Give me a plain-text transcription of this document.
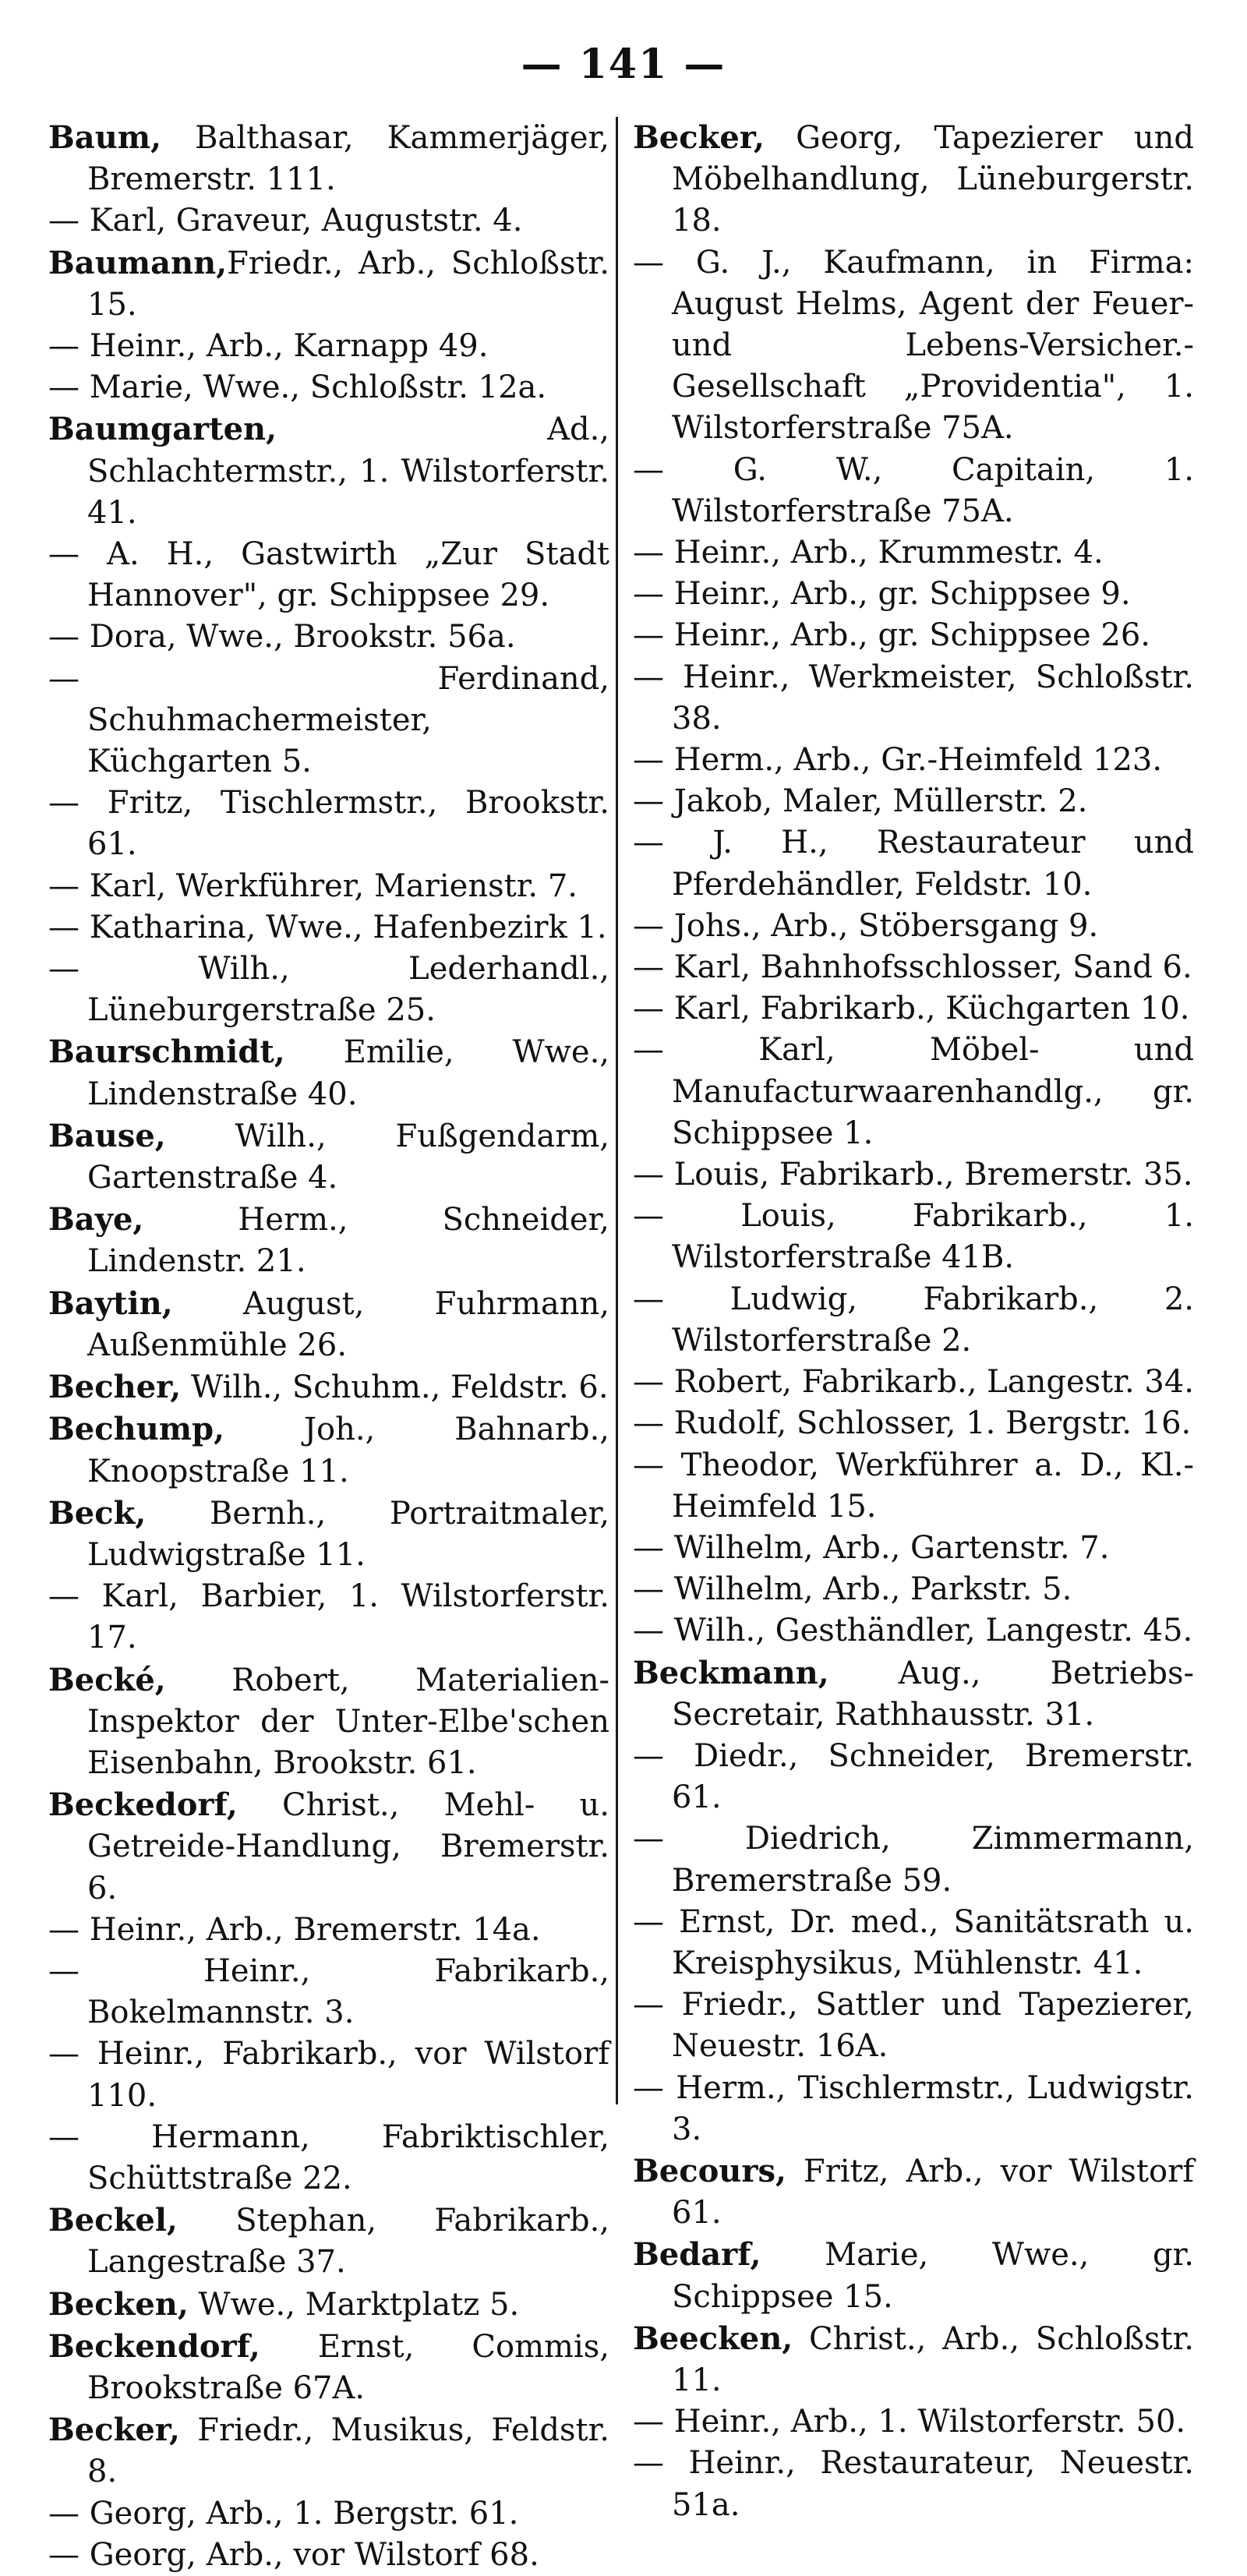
— 141 —

Baum, Balthasar, Kammerjäger, Bremerstr. 111.

— Karl, Graveur, Auguststr. 4.

Baumann,Friedr., Arb., Schloßstr. 15.

— Heinr., Arb., Karnapp 49.

— Marie, Wwe., Schloßstr. 12a.

Baumgarten, Ad., Schlachtermstr., 1. Wilstorferstr. 41.

— A. H., Gastwirth „Zur Stadt Hannover", gr. Schippsee 29.

— Dora, Wwe., Brookstr. 56a.

— Ferdinand, Schuhmachermeister, Küchgarten 5.

— Fritz, Tischlermstr., Brookstr. 61.

— Karl, Werkführer, Marienstr. 7.

— Katharina, Wwe., Hafenbezirk 1.

— Wilh., Lederhandl., Lüneburgerstraße 25.

Baurschmidt, Emilie, Wwe., Lindenstraße 40.

Bause, Wilh., Fußgendarm, Gartenstraße 4.

Baye, Herm., Schneider, Lindenstr. 21.

Baytin, August, Fuhrmann, Außenmühle 26.

Becher, Wilh., Schuhm., Feldstr. 6.

Bechump, Joh., Bahnarb., Knoopstraße 11.

Beck, Bernh., Portraitmaler, Ludwigstraße 11.

— Karl, Barbier, 1. Wilstorferstr. 17.

Becké, Robert, Materialien-Inspektor der Unter-Elbe'schen Eisenbahn, Brookstr. 61.

Beckedorf, Christ., Mehl- u. Getreide-Handlung, Bremerstr. 6.

— Heinr., Arb., Bremerstr. 14a.

— Heinr., Fabrikarb., Bokelmannstr. 3.

— Heinr., Fabrikarb., vor Wilstorf 110.

— Hermann, Fabriktischler, Schüttstraße 22.

Beckel, Stephan, Fabrikarb., Langestraße 37.

Becken, Wwe., Marktplatz 5.

Beckendorf, Ernst, Commis, Brookstraße 67A.

Becker, Friedr., Musikus, Feldstr. 8.

— Georg, Arb., 1. Bergstr. 61.

— Georg, Arb., vor Wilstorf 68.

Becker, Georg, Tapezierer und Möbelhandlung, Lüneburgerstr. 18.

— G. J., Kaufmann, in Firma: August Helms, Agent der Feuer- und Lebens-Versicher.-Gesellschaft „Providentia", 1. Wilstorferstraße 75A.

— G. W., Capitain, 1. Wilstorferstraße 75A.

— Heinr., Arb., Krummestr. 4.

— Heinr., Arb., gr. Schippsee 9.

— Heinr., Arb., gr. Schippsee 26.

— Heinr., Werkmeister, Schloßstr. 38.

— Herm., Arb., Gr.-Heimfeld 123.

— Jakob, Maler, Müllerstr. 2.

— J. H., Restaurateur und Pferdehändler, Feldstr. 10.

— Johs., Arb., Stöbersgang 9.

— Karl, Bahnhofsschlosser, Sand 6.

— Karl, Fabrikarb., Küchgarten 10.

— Karl, Möbel- und Manufacturwaarenhandlg., gr. Schippsee 1.

— Louis, Fabrikarb., Bremerstr. 35.

— Louis, Fabrikarb., 1. Wilstorferstraße 41B.

— Ludwig, Fabrikarb., 2. Wilstorferstraße 2.

— Robert, Fabrikarb., Langestr. 34.

— Rudolf, Schlosser, 1. Bergstr. 16.

— Theodor, Werkführer a. D., Kl.-Heimfeld 15.

— Wilhelm, Arb., Gartenstr. 7.

— Wilhelm, Arb., Parkstr. 5.

— Wilh., Gesthändler, Langestr. 45.

Beckmann, Aug., Betriebs-Secretair, Rathhausstr. 31.

— Diedr., Schneider, Bremerstr. 61.

— Diedrich, Zimmermann, Bremerstraße 59.

— Ernst, Dr. med., Sanitätsrath u. Kreisphysikus, Mühlenstr. 41.

— Friedr., Sattler und Tapezierer, Neuestr. 16A.

— Herm., Tischlermstr., Ludwigstr. 3.

Becours, Fritz, Arb., vor Wilstorf 61.

Bedarf, Marie, Wwe., gr. Schippsee 15.

Beecken, Christ., Arb., Schloßstr. 11.

— Heinr., Arb., 1. Wilstorferstr. 50.

— Heinr., Restaurateur, Neuestr. 51a.
